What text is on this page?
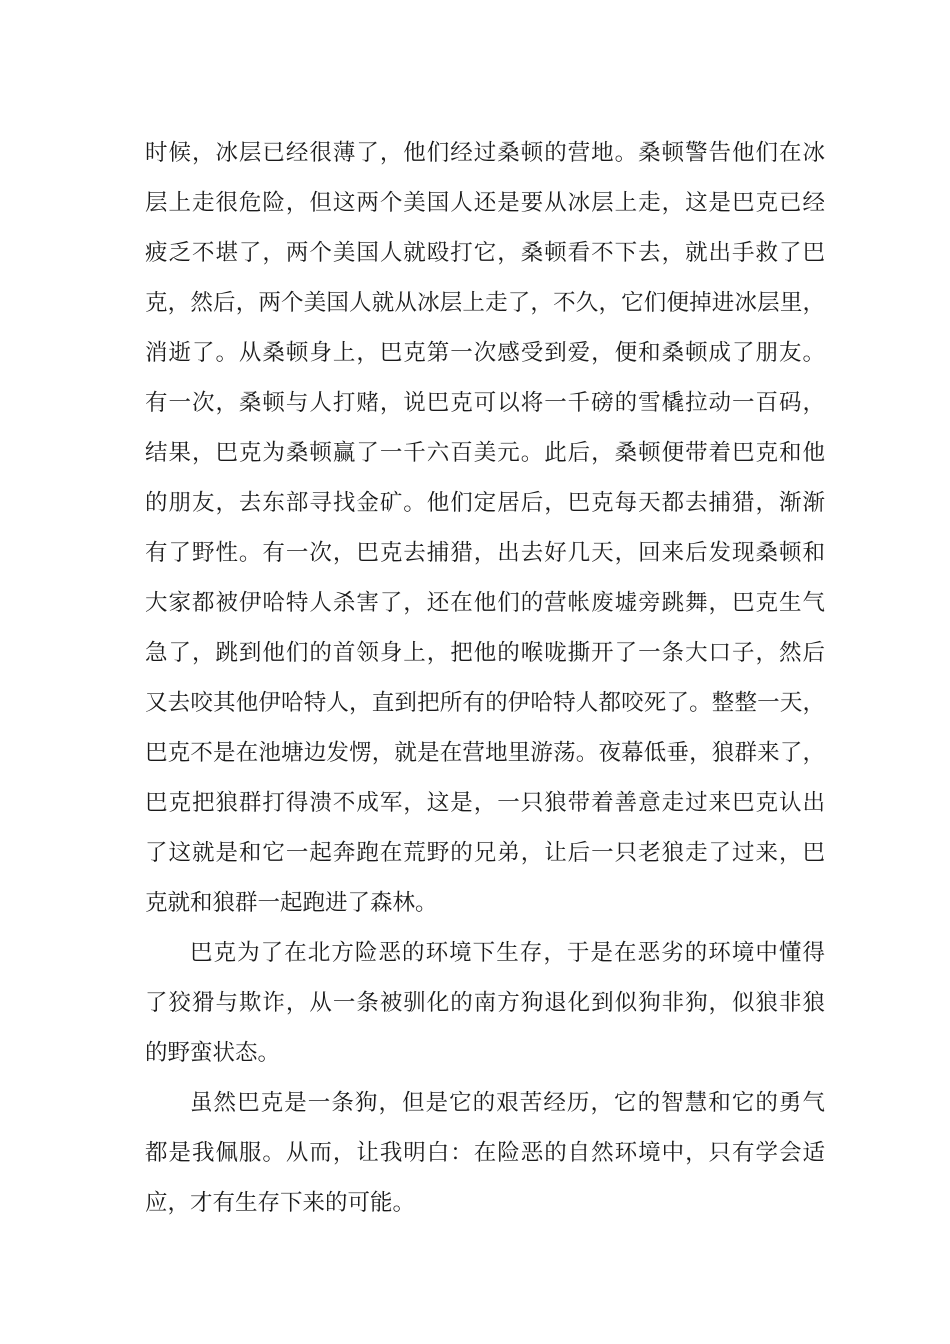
时候，冰层已经很薄了，他们经过桑顿的营地。桑顿警告他们在冰
层上走很危险，但这两个美国人还是要从冰层上走，这是巴克已经
疲乏不堪了，两个美国人就殴打它，桑顿看不下去，就出手救了巴
克，然后，两个美国人就从冰层上走了，不久，它们便掉进冰层里，
消逝了。从桑顿身上，巴克第一次感受到爱，便和桑顿成了朋友。
有一次，桑顿与人打赌，说巴克可以将一千磅的雪橇拉动一百码，
结果，巴克为桑顿赢了一千六百美元。此后，桑顿便带着巴克和他
的朋友，去东部寻找金矿。他们定居后，巴克每天都去捕猎，渐渐
有了野性。有一次，巴克去捕猎，出去好几天，回来后发现桑顿和
大家都被伊哈特人杀害了，还在他们的营帐废墟旁跳舞，巴克生气
急了，跳到他们的首领身上，把他的喉咙撕开了一条大口子，然后
又去咬其他伊哈特人，直到把所有的伊哈特人都咬死了。整整一天，
巴克不是在池塘边发愣，就是在营地里游荡。夜幕低垂，狼群来了，
巴克把狼群打得溃不成军，这是，一只狼带着善意走过来巴克认出
了这就是和它一起奔跑在荒野的兄弟，让后一只老狼走了过来，巴
克就和狼群一起跑进了森林。
巴克为了在北方险恶的环境下生存，于是在恶劣的环境中懂得
了狡猾与欺诈，从一条被驯化的南方狗退化到似狗非狗，似狼非狼
的野蛮状态。
虽然巴克是一条狗，但是它的艰苦经历，它的智慧和它的勇气
都是我佩服。从而，让我明白：在险恶的自然环境中，只有学会适
应，才有生存下来的可能。
